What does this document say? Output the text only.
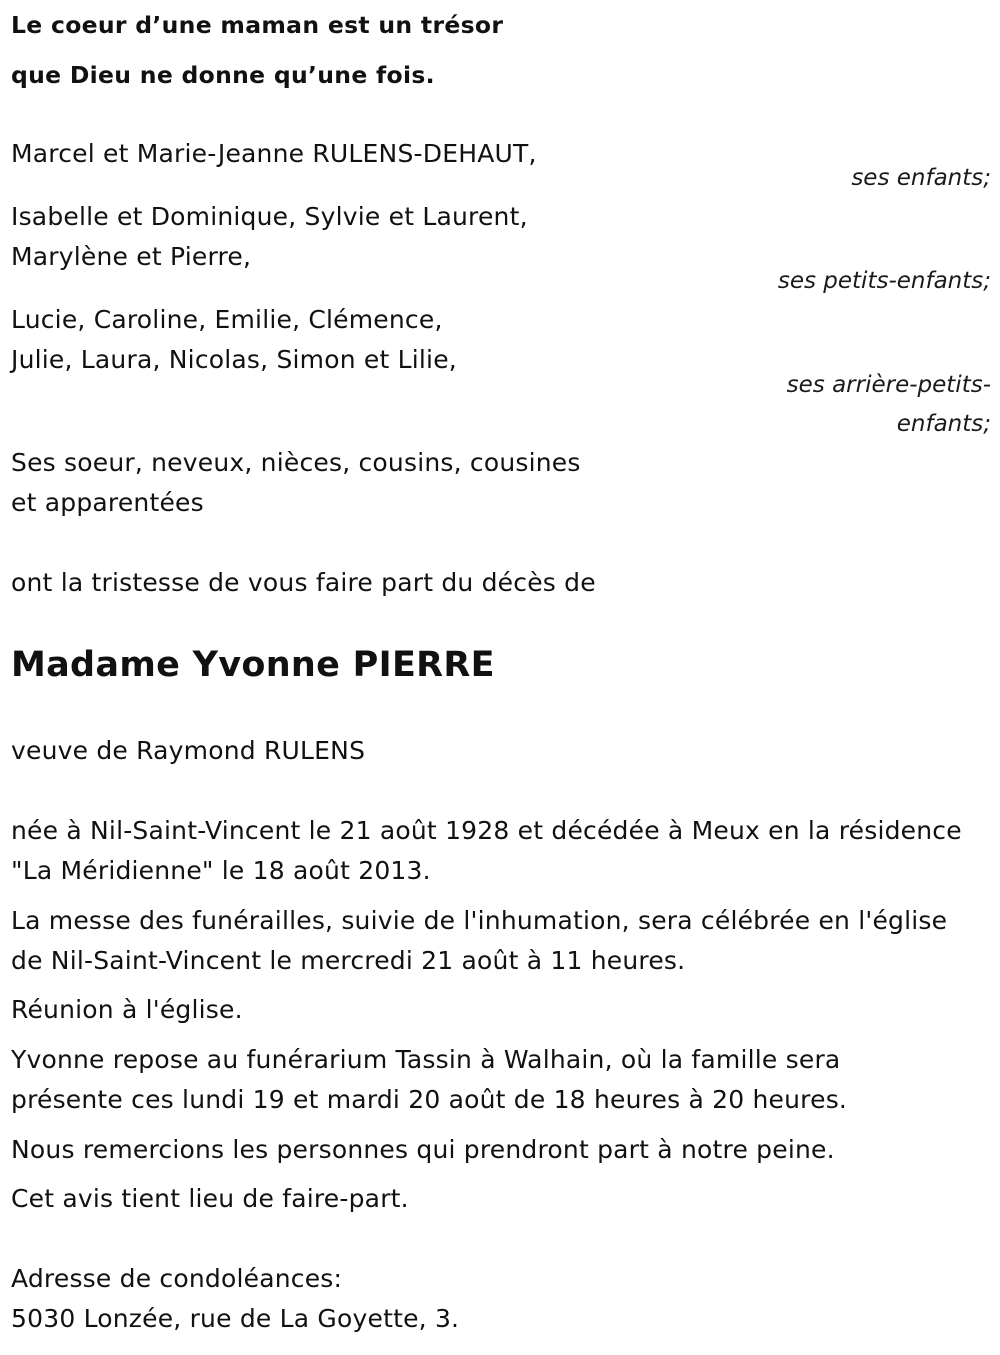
Le coeur d’une maman est un trésor
que Dieu ne donne qu’une fois.
Marcel et Marie-Jeanne RULENS-DEHAUT,
ses enfants;
Isabelle et Dominique, Sylvie et Laurent,
Marylène et Pierre,
ses petits-enfants;
Lucie, Caroline, Emilie, Clémence,
Julie, Laura, Nicolas, Simon et Lilie,
ses arrière-petits-
enfants;
Ses soeur, neveux, nièces, cousins, cousines
et apparentées
ont la tristesse de vous faire part du décès de
Madame Yvonne PIERRE
veuve de Raymond RULENS
née à Nil-Saint-Vincent le 21 août 1928 et décédée à Meux en la résidence
"La Méridienne" le 18 août 2013.
La messe des funérailles, suivie de l'inhumation, sera célébrée en l'église
de Nil-Saint-Vincent le mercredi 21 août à 11 heures.
Réunion à l'église.
Yvonne repose au funérarium Tassin à Walhain, où la famille sera
présente ces lundi 19 et mardi 20 août de 18 heures à 20 heures.
Nous remercions les personnes qui prendront part à notre peine.
Cet avis tient lieu de faire-part.
Adresse de condoléances:
5030 Lonzée, rue de La Goyette, 3.
